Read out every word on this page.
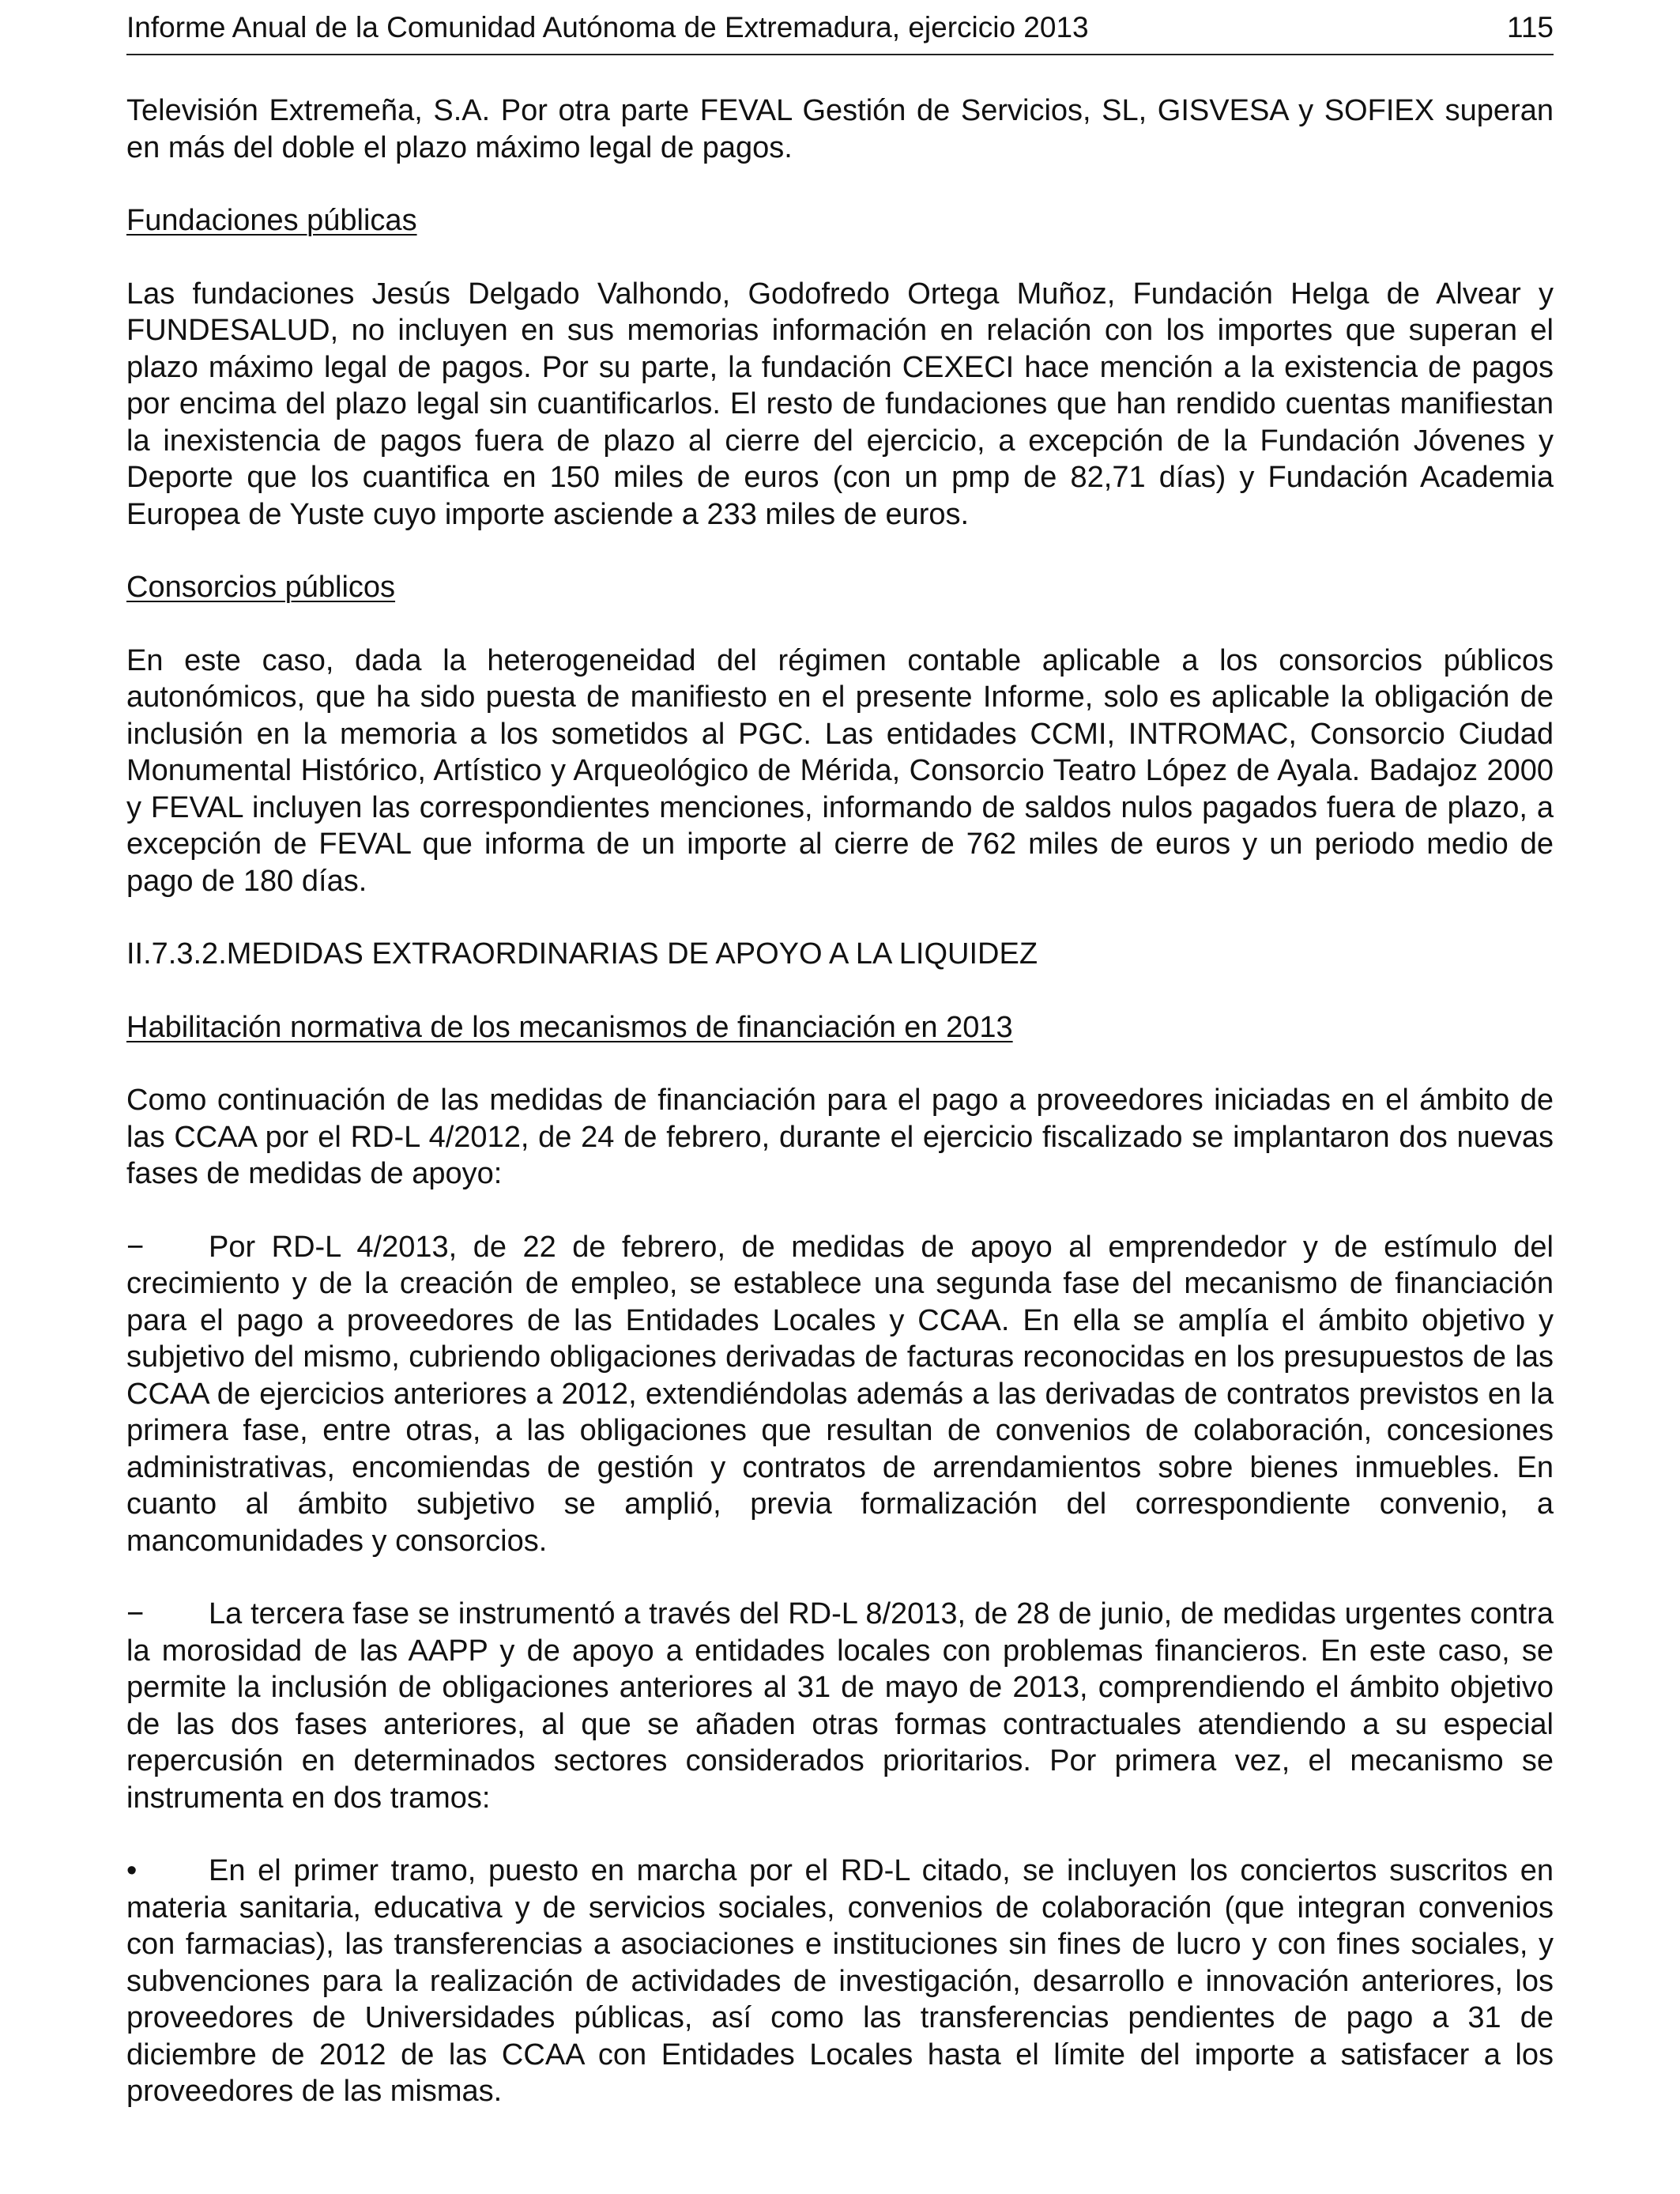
Informe Anual de la Comunidad Autónoma de Extremadura, ejercicio 2013	115

Televisión Extremeña, S.A. Por otra parte FEVAL Gestión de Servicios, SL, GISVESA y SOFIEX superan en más del doble el plazo máximo legal de pagos.

Fundaciones públicas

Las fundaciones Jesús Delgado Valhondo, Godofredo Ortega Muñoz, Fundación Helga de Alvear y FUNDESALUD, no incluyen en sus memorias información en relación con los importes que superan el plazo máximo legal de pagos. Por su parte, la fundación CEXECI hace mención a la existencia de pagos por encima del plazo legal sin cuantificarlos. El resto de fundaciones que han rendido cuentas manifiestan la inexistencia de pagos fuera de plazo al cierre del ejercicio, a excepción de la Fundación Jóvenes y Deporte que los cuantifica en 150 miles de euros (con un pmp de 82,71 días) y Fundación Academia Europea de Yuste cuyo importe asciende a 233 miles de euros.

Consorcios públicos

En este caso, dada la heterogeneidad del régimen contable aplicable a los consorcios públicos autonómicos, que ha sido puesta de manifiesto en el presente Informe, solo es aplicable la obligación de inclusión en la memoria a los sometidos al PGC. Las entidades CCMI, INTROMAC, Consorcio Ciudad Monumental Histórico, Artístico y Arqueológico de Mérida, Consorcio Teatro López de Ayala. Badajoz 2000 y FEVAL incluyen las correspondientes menciones, informando de saldos nulos pagados fuera de plazo, a excepción de FEVAL que informa de un importe al cierre de 762 miles de euros y un periodo medio de pago de 180 días.

II.7.3.2.MEDIDAS EXTRAORDINARIAS DE APOYO A LA LIQUIDEZ

Habilitación normativa de los mecanismos de financiación en 2013

Como continuación de las medidas de financiación para el pago a proveedores iniciadas en el ámbito de las CCAA por el RD-L 4/2012, de 24 de febrero, durante el ejercicio fiscalizado se implantaron dos nuevas fases de medidas de apoyo:

−	Por RD-L 4/2013, de 22 de febrero, de medidas de apoyo al emprendedor y de estímulo del crecimiento y de la creación de empleo, se establece una segunda fase del mecanismo de financiación para el pago a proveedores de las Entidades Locales y CCAA. En ella se amplía el ámbito objetivo y subjetivo del mismo, cubriendo obligaciones derivadas de facturas reconocidas en los presupuestos de las CCAA de ejercicios anteriores a 2012, extendiéndolas además a las derivadas de contratos previstos en la primera fase, entre otras, a las obligaciones que resultan de convenios de colaboración, concesiones administrativas, encomiendas de gestión y contratos de arrendamientos sobre bienes inmuebles. En cuanto al ámbito subjetivo se amplió, previa formalización del correspondiente convenio, a mancomunidades y consorcios.

−	La tercera fase se instrumentó a través del RD-L 8/2013, de 28 de junio, de medidas urgentes contra la morosidad de las AAPP y de apoyo a entidades locales con problemas financieros. En este caso, se permite la inclusión de obligaciones anteriores al 31 de mayo de 2013, comprendiendo el ámbito objetivo de las dos fases anteriores, al que se añaden otras formas contractuales atendiendo a su especial repercusión en determinados sectores considerados prioritarios. Por primera vez, el mecanismo se instrumenta en dos tramos:

•	En el primer tramo, puesto en marcha por el RD-L citado, se incluyen los conciertos suscritos en materia sanitaria, educativa y de servicios sociales, convenios de colaboración (que integran convenios con farmacias), las transferencias a asociaciones e instituciones sin fines de lucro y con fines sociales, y subvenciones para la realización de actividades de investigación, desarrollo e innovación anteriores, los proveedores de Universidades públicas, así como las transferencias pendientes de pago a 31 de diciembre de 2012 de las CCAA con Entidades Locales hasta el límite del importe a satisfacer a los proveedores de las mismas.
